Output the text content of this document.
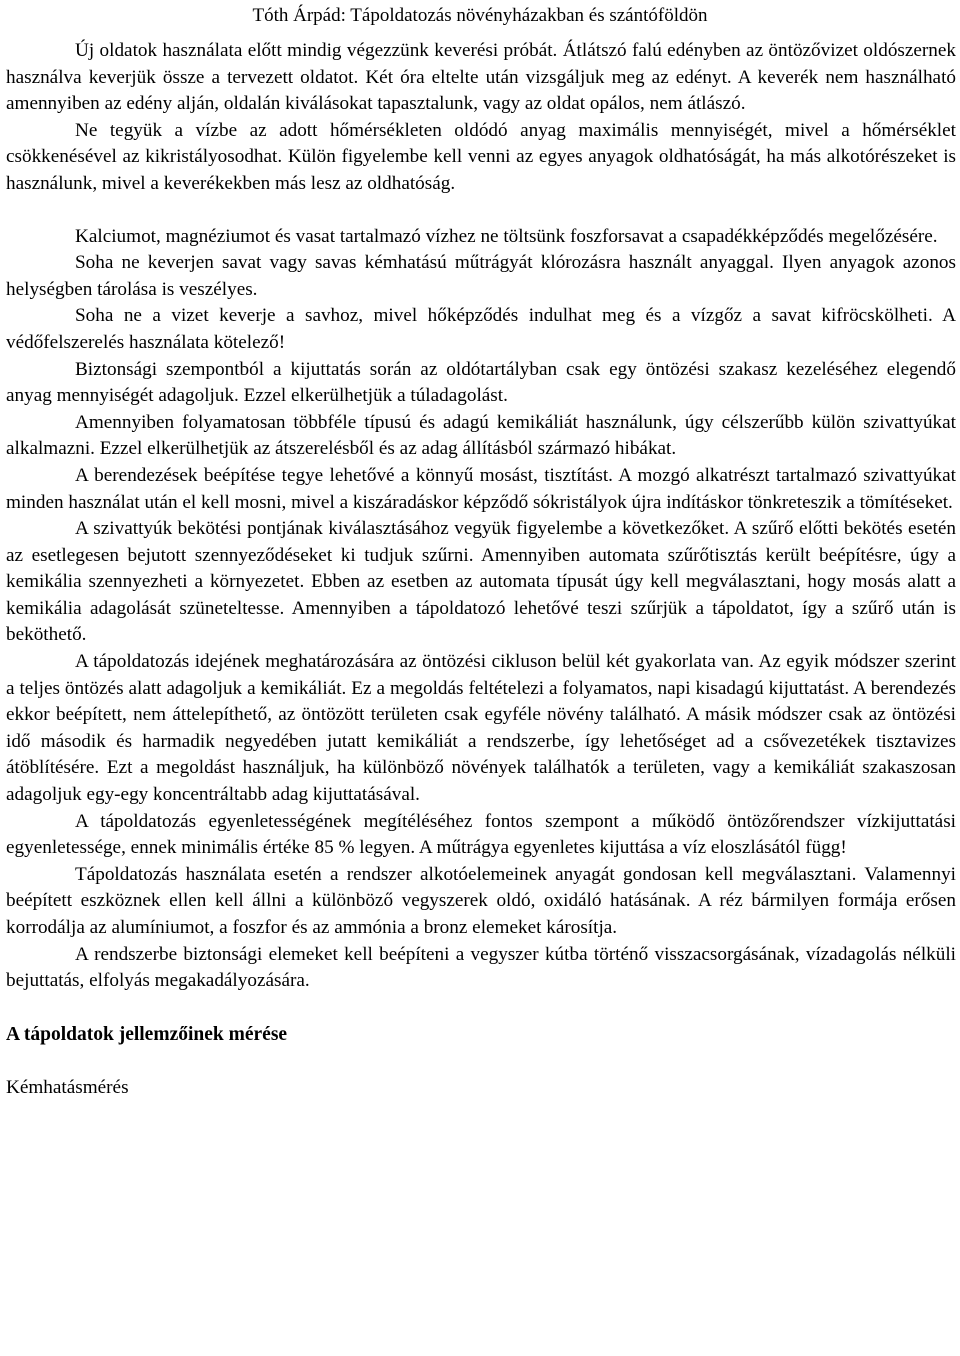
Tóth Árpád: Tápoldatozás növényházakban és szántóföldön

Új oldatok használata előtt mindig végezzünk keverési próbát. Átlátszó falú edényben az öntözővizet oldószernek használva keverjük össze a tervezett oldatot. Két óra eltelte után vizsgáljuk meg az edényt. A keverék nem használható amennyiben az edény alján, oldalán kiválásokat tapasztalunk, vagy az oldat opálos, nem átlászó.

Ne tegyük a vízbe az adott hőmérsékleten oldódó anyag maximális mennyiségét, mivel a hőmérséklet csökkenésével az kikristályosodhat. Külön figyelembe kell venni az egyes anyagok oldhatóságát, ha más alkotórészeket is használunk, mivel a keverékekben más lesz az oldhatóság.

Kalciumot, magnéziumot és vasat tartalmazó vízhez ne töltsünk foszforsavat a csapadékképződés megelőzésére.

Soha ne keverjen savat vagy savas kémhatású műtrágyát klórozásra használt anyaggal. Ilyen anyagok azonos helységben tárolása is veszélyes.

Soha ne a vizet keverje a savhoz, mivel hőképződés indulhat meg és a vízgőz a savat kifröcskölheti. A védőfelszerelés használata kötelező!

Biztonsági szempontból a kijuttatás során az oldótartályban csak egy öntözési szakasz kezeléséhez elegendő anyag mennyiségét adagoljuk. Ezzel elkerülhetjük a túladagolást.

Amennyiben folyamatosan többféle típusú és adagú kemikáliát használunk, úgy célszerűbb külön szivattyúkat alkalmazni. Ezzel elkerülhetjük az átszerelésből és az adag állításból származó hibákat.

A berendezések beépítése tegye lehetővé a könnyű mosást, tisztítást. A mozgó alkatrészt tartalmazó szivattyúkat minden használat után el kell mosni, mivel a kiszáradáskor képződő sókristályok újra indításkor tönkreteszik a tömítéseket.

A szivattyúk bekötési pontjának kiválasztásához vegyük figyelembe a következőket. A szűrő előtti bekötés esetén az esetlegesen bejutott szennyeződéseket ki tudjuk szűrni. Amennyiben automata szűrőtisztás került beépítésre, úgy a kemikália szennyezheti a környezetet. Ebben az esetben az automata típusát úgy kell megválasztani, hogy mosás alatt a kemikália adagolását szüneteltesse. Amennyiben a tápoldatozó lehetővé teszi szűrjük a tápoldatot, így a szűrő után is beköthető.

A tápoldatozás idejének meghatározására az öntözési cikluson belül két gyakorlata van. Az egyik módszer szerint a teljes öntözés alatt adagoljuk a kemikáliát. Ez a megoldás feltételezi a folyamatos, napi kisadagú kijuttatást. A berendezés ekkor beépített, nem áttelepíthető, az öntözött területen csak egyféle növény található. A másik módszer csak az öntözési idő második és harmadik negyedében jutatt kemikáliát a rendszerbe, így lehetőséget ad a csővezetékek tisztavizes átöblítésére. Ezt a megoldást használjuk, ha különböző növények találhatók a területen, vagy a kemikáliát szakaszosan adagoljuk egy-egy koncentráltabb adag kijuttatásával.

A tápoldatozás egyenletességének megítéléséhez fontos szempont a működő öntözőrendszer vízkijuttatási egyenletessége, ennek minimális értéke 85 % legyen. A műtrágya egyenletes kijuttása a víz eloszlásától függ!

Tápoldatozás használata esetén a rendszer alkotóelemeinek anyagát gondosan kell megválasztani. Valamennyi beépített eszköznek ellen kell állni a különböző vegyszerek oldó, oxidáló hatásának. A réz bármilyen formája erősen korrodálja az alumíniumot, a foszfor és az ammónia a bronz elemeket károsítja.

A rendszerbe biztonsági elemeket kell beépíteni a vegyszer kútba történő visszacsorgásának, vízadagolás nélküli bejuttatás, elfolyás megakadályozására.

A tápoldatok jellemzőinek mérése

Kémhatásmérés
